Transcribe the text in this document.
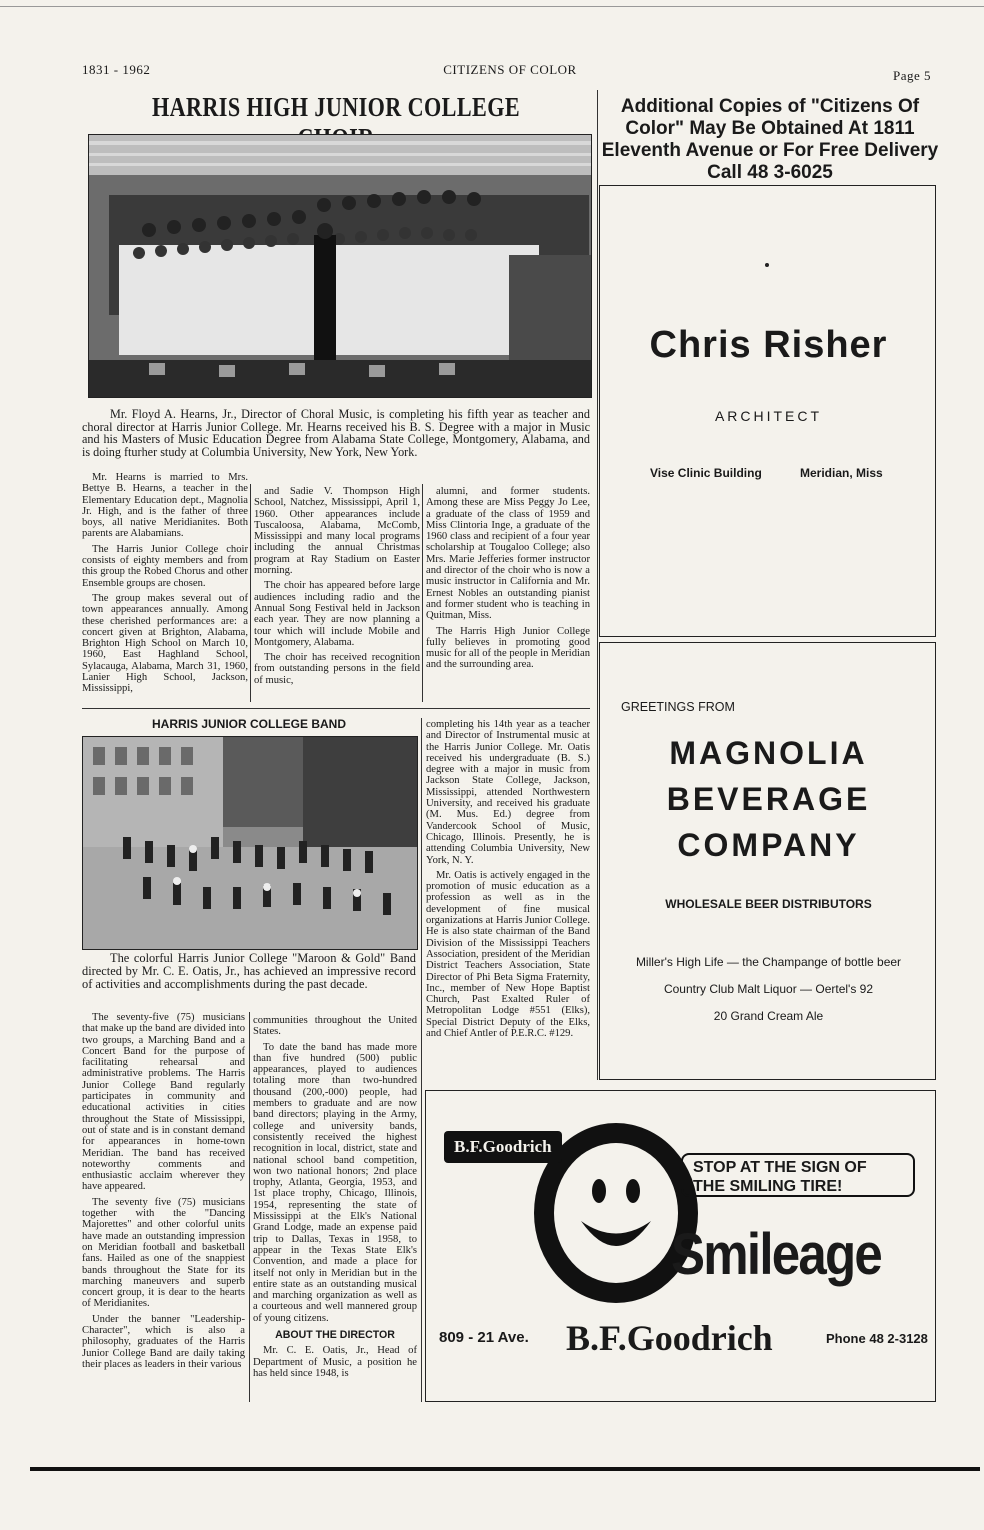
1831 - 1962	CITIZENS OF COLOR	Page 5
HARRIS HIGH JUNIOR COLLEGE

Mr. Floyd A. Hearns, Jr., Director of Choral Music, is completing his fifth year as teacher and choral director at Harris Junior College. Mr. Hearns received his B. S. Degree with a major in Music and his Masters of Music Education Degree from Alabama State College, Montgomery, Alabama, and is doing fturher study at Columbia University, New York, New York.

Mr. Hearns is married to Mrs. Bettye B. Hearns, a teacher in the Elementary Education dept., Magnolia Jr. High, and is the father of three boys, all native Meridianites. Both parents are Alabamians.

The Harris Junior College choir consists of eighty members and from this group the Robed Chorus and other Ensemble groups are chosen.

The group makes several out of town appearances annually. Among these cherished performances are: a concert given at Brighton, Alabama, Brighton High School on March 10, 1960, East Haghland School, Sylacauga, Alabama, March 31, 1960, Lanier High School, Jackson, Mississippi,

and Sadie V. Thompson High School, Natchez, Mississippi, April 1, 1960. Other appearances include Tuscaloosa, Alabama, McComb, Mississippi and many local programs including the annual Christmas program at Ray Stadium on Easter morning.

The choir has appeared before large audiences including radio and the Annual Song Festival held in Jackson each year. They are now planning a tour which will include Mobile and Montgomery, Alabama.

The choir has received recognition from outstanding persons in the field of music,

alumni, and former students. Among these are Miss Peggy Jo Lee, a graduate of the class of 1959 and Miss Clintoria Inge, a graduate of the 1960 class and recipient of a four year scholarship at Tougaloo College; also Mrs. Marie Jefferies former instructor and director of the choir who is now a music instructor in California and Mr. Ernest Nobles an outstanding pianist and former student who is teaching in Quitman, Miss.

The Harris High Junior College fully believes in promoting good music for all of the people in Meridian and the surrounding area.

HARRIS JUNIOR COLLEGE BAND

The colorful Harris Junior College "Maroon & Gold" Band directed by Mr. C. E. Oatis, Jr., has achieved an impressive record of activities and accomplishments during the past decade.

completing his 14th year as a teacher and Director of Instrumental music at the Harris Junior College. Mr. Oatis received his undergraduate (B. S.) degree with a major in music from Jackson State College, Jackson, Mississippi, attended Northwestern University, and received his graduate (M. Mus. Ed.) degree from Vandercook School of Music, Chicago, Illinois. Presently, he is attending Columbia University, New York, N. Y.

Mr. Oatis is actively engaged in the promotion of music education as a profession as well as in the development of fine musical organizations at Harris Junior College. He is also state chairman of the Band Division of the Mississippi Teachers Association, president of the Meridian District Teachers Association, State Director of Phi Beta Sigma Fraternity, Inc., member of New Hope Baptist Church, Past Exalted Ruler of Metropolitan Lodge #551 (Elks), Special District Deputy of the Elks, and Chief Antler of P.E.R.C. #129.

The seventy-five (75) musicians that make up the band are divided into two groups, a Marching Band and a Concert Band for the purpose of facilitating rehearsal and administrative problems. The Harris Junior College Band regularly participates in community and educational activities in cities throughout the State of Mississippi, out of state and is in constant demand for appearances in home-town Meridian. The band has received noteworthy comments and enthusiastic acclaim wherever they have appeared.

The seventy five (75) musicians together with the "Dancing Majorettes" and other colorful units have made an outstanding impression on Meridian football and basketball fans. Hailed as one of the snappiest bands throughout the State for its marching maneuvers and superb concert group, it is dear to the hearts of Meridianites.

Under the banner "Leadership-Character", which is also a philosophy, graduates of the Harris Junior College Band are daily taking their places as leaders in their various

communities throughout the United States.

To date the band has made more than five hundred (500) public appearances, played to audiences totaling more than two-hundred thousand (200,-000) people, had members to graduate and are now band directors; playing in the Army, college and university bands, consistently received the highest recognition in local, district, state and national school band competition, won two national honors; 2nd place trophy, Atlanta, Georgia, 1953, and 1st place trophy, Chicago, Illinois, 1954, representing the state of Mississippi at the Elk's National Grand Lodge, made an expense paid trip to Dallas, Texas in 1958, to appear in the Texas State Elk's Convention, and made a place for itself not only in Meridian but in the entire state as an outstanding musical and marching organization as well as a courteous and well mannered group of young citizens.

ABOUT THE DIRECTOR

Mr. C. E. Oatis, Jr., Head of Department of Music, a position he has held since 1948, is

Additional Copies of "Citizens Of Color" May Be Obtained At 1811 Eleventh Avenue or For Free Delivery Call 48 3-6025
Chris Risher
ARCHITECT
Vise Clinic Building	Meridian, Miss
GREETINGS FROM
MAGNOLIA
BEVERAGE
COMPANY
WHOLESALE BEER DISTRIBUTORS
Miller's High Life — the Champange of bottle beer
Country Club Malt Liquor — Oertel's 92
20 Grand Cream Ale
B.F.Goodrich
STOP AT THE SIGN OF
THE SMILING TIRE!
Smileage
809 - 21 Ave. B.F.Goodrich	Phone 48 2-3128
